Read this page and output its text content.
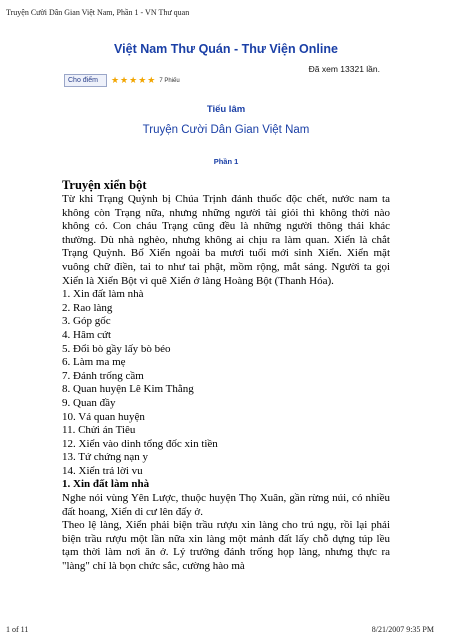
Truyện Cười Dân Gian Việt Nam, Phần 1 - VN Thư quan
Việt Nam Thư Quán - Thư Viện Online
Đã xem 13321 lần.
Cho điểm	★ ★ ★ ★ ★ 7 Phiếu
Tiếu lâm
Truyện Cười Dân Gian Việt Nam
Phần 1

Truyện xiển bột

Từ khi Trạng Quỳnh bị Chúa Trịnh đánh thuốc độc chết, nước nam ta không còn Trạng nữa, nhưng những người tài giỏi thì không thời nào không có. Con cháu Trạng cũng đều là những người thông thái khác thường. Dù nhà nghèo, nhưng không ai chịu ra làm quan. Xiển là chắt Trạng Quỳnh. Bố Xiển ngoài ba mươi tuổi mới sinh Xiển. Xiển mặt vuông chữ điền, tai to như tai phật, mồm rộng, mắt sáng. Người ta gọi Xiển là Xiển Bột vì quê Xiển ở làng Hoàng Bột (Thanh Hóa).

1. Xin đất làm nhà
2. Rao làng
3. Góp gốc
4. Hâm cứt
5. Đổi bò gầy lấy bò béo
6. Làm ma mẹ
7. Đánh trống cầm
8. Quan huyện Lê Kim Thằng
9. Quan đầy
10. Vá quan huyện
11. Chửi án Tiêu
12. Xiển vào dinh tổng đốc xin tiền
13. Tứ chứng nạn y
14. Xiển trả lời vu

1. Xin đất làm nhà

Nghe nói vùng Yên Lược, thuộc huyện Thọ Xuân, gần rừng núi, có nhiều đất hoang, Xiển di cư lên đấy ở.

Theo lệ làng, Xiển phải biện trầu rượu xin làng cho trú ngụ, rồi lại phải biện trầu rượu một lần nữa xin làng một mảnh đất lấy chỗ dựng túp lều tạm thời làm nơi ăn ở. Lý trưởng đánh trống họp làng, nhưng thực ra "làng" chỉ là bọn chức sắc, cường hào mà

1 of 11	8/21/2007 9:35 PM
